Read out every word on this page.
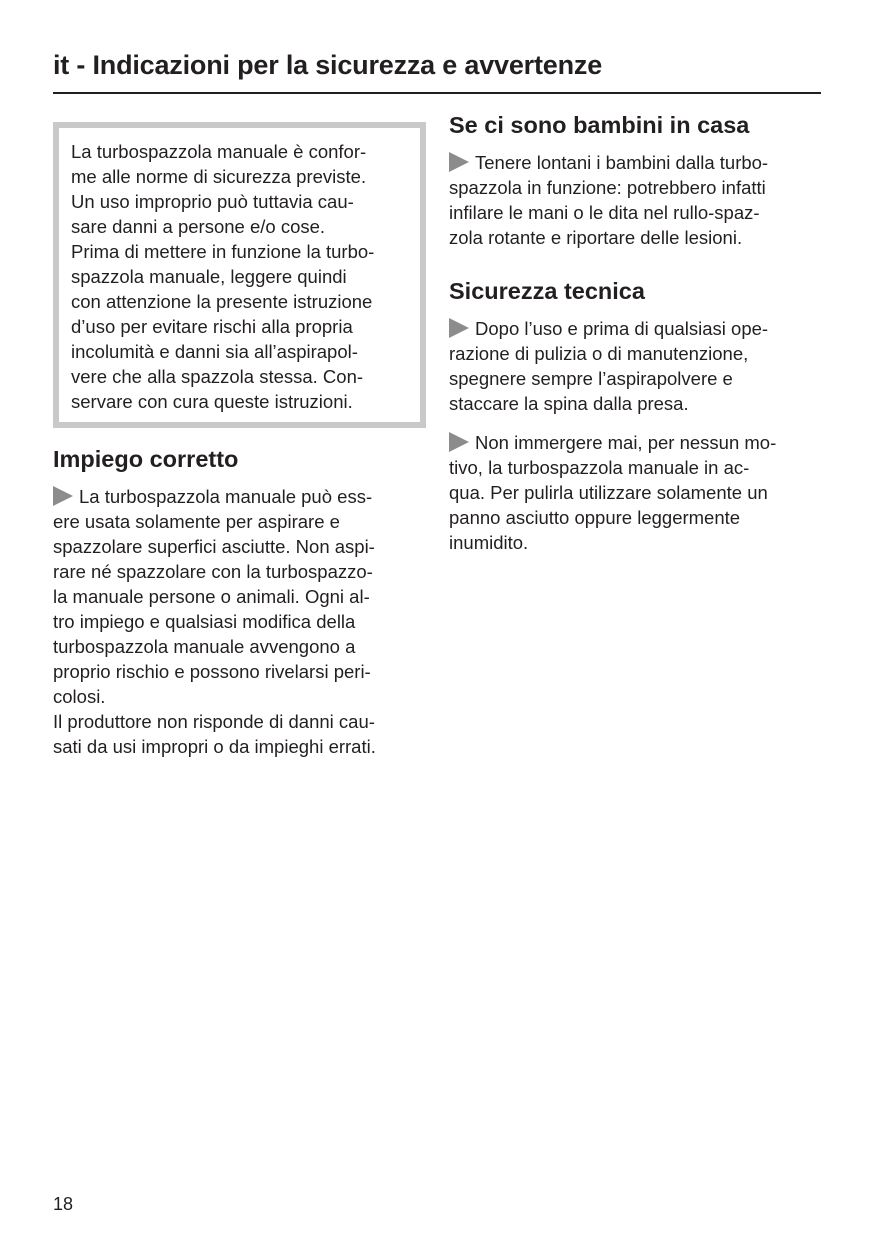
it - Indicazioni per la sicurezza e avvertenze
La turbospazzola manuale è confor-
me alle norme di sicurezza previste.
Un uso improprio può tuttavia cau-
sare danni a persone e/o cose.
Prima di mettere in funzione la turbo-
spazzola manuale, leggere quindi
con attenzione la presente istruzione
d’uso per evitare rischi alla propria
incolumità e danni sia all’aspirapol-
vere che alla spazzola stessa. Con-
servare con cura queste istruzioni.
Impiego corretto

La turbospazzola manuale può ess-
ere usata solamente per aspirare e
spazzolare superfici asciutte. Non aspi-
rare né spazzolare con la turbospazzo-
la manuale persone o animali. Ogni al-
tro impiego e qualsiasi modifica della
turbospazzola manuale avvengono a
proprio rischio e possono rivelarsi peri-
colosi.
Il produttore non risponde di danni cau-
sati da usi impropri o da impieghi errati.

Se ci sono bambini in casa

Tenere lontani i bambini dalla turbo-
spazzola in funzione: potrebbero infatti
infilare le mani o le dita nel rullo-spaz-
zola rotante e riportare delle lesioni.

Sicurezza tecnica

Dopo l’uso e prima di qualsiasi ope-
razione di pulizia o di manutenzione,
spegnere sempre l’aspirapolvere e
staccare la spina dalla presa.

Non immergere mai, per nessun mo-
tivo, la turbospazzola manuale in ac-
qua. Per pulirla utilizzare solamente un
panno asciutto oppure leggermente
inumidito.

18
